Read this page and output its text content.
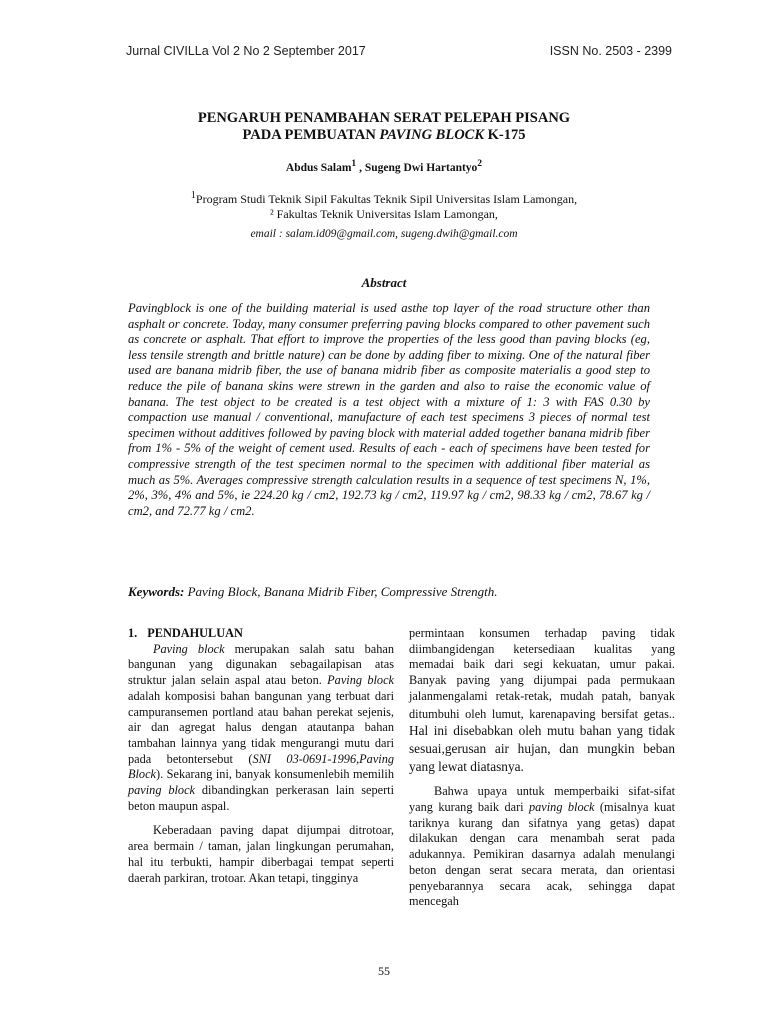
Jurnal CIVILLa Vol 2 No 2 September 2017	ISSN No. 2503 - 2399
PENGARUH PENAMBAHAN SERAT PELEPAH PISANG
PADA PEMBUATAN PAVING BLOCK K-175
Abdus Salam$^1$ , Sugeng Dwi Hartantyo$^2$
$^1$Program Studi Teknik Sipil Fakultas Teknik Sipil Universitas Islam Lamongan,
² Fakultas Teknik Universitas Islam Lamongan,
email : salam.id09@gmail.com, sugeng.dwih@gmail.com
Abstract

Pavingblock is one of the building material is used asthe top layer of the road structure other than asphalt or concrete. Today, many consumer preferring paving blocks compared to other pavement such as concrete or asphalt. That effort to improve the properties of the less good than paving blocks (eg, less tensile strength and brittle nature) can be done by adding fiber to mixing. One of the natural fiber used are banana midrib fiber, the use of banana midrib fiber as composite materialis a good step to reduce the pile of banana skins were strewn in the garden and also to raise the economic value of banana. The test object to be created is a test object with a mixture of 1: 3 with FAS 0.30 by compaction use manual / conventional, manufacture of each test specimens 3 pieces of normal test specimen without additives followed by paving block with material added together banana midrib fiber from 1% - 5% of the weight of cement used. Results of each - each of specimens have been tested for compressive strength of the test specimen normal to the specimen with additional fiber material as much as 5%. Averages compressive strength calculation results in a sequence of test specimens N, 1%, 2%, 3%, 4% and 5%, ie 224.20 kg / cm2, 192.73 kg / cm2, 119.97 kg / cm2, 98.33 kg / cm2, 78.67 kg / cm2, and 72.77 kg / cm2.

Keywords: Paving Block, Banana Midrib Fiber, Compressive Strength.

1. PENDAHULUAN

Paving block merupakan salah satu bahan bangunan yang digunakan sebagailapisan atas struktur jalan selain aspal atau beton. Paving block adalah komposisi bahan bangunan yang terbuat dari campuransemen portland atau bahan perekat sejenis, air dan agregat halus dengan atautanpa bahan tambahan lainnya yang tidak mengurangi mutu dari pada betontersebut (SNI 03-0691-1996,Paving Block). Sekarang ini, banyak konsumenlebih memilih paving block dibandingkan perkerasan lain seperti beton maupun aspal.

Keberadaan paving dapat dijumpai ditrotoar, area bermain / taman, jalan lingkungan perumahan, hal itu terbukti, hampir diberbagai tempat seperti daerah parkiran, trotoar. Akan tetapi, tingginya

permintaan konsumen terhadap paving tidak diimbangidengan ketersediaan kualitas yang memadai baik dari segi kekuatan, umur pakai. Banyak paving yang dijumpai pada permukaan jalanmengalami retak-retak, mudah patah, banyak ditumbuhi oleh lumut, karenapaving bersifat getas.. Hal ini disebabkan oleh mutu bahan yang tidak sesuai,gerusan air hujan, dan mungkin beban yang lewat diatasnya.

Bahwa upaya untuk memperbaiki sifat-sifat yang kurang baik dari paving block (misalnya kuat tariknya kurang dan sifatnya yang getas) dapat dilakukan dengan cara menambah serat pada adukannya. Pemikiran dasarnya adalah menulangi beton dengan serat secara merata, dan orientasi penyebarannya secara acak, sehingga dapat mencegah

55
